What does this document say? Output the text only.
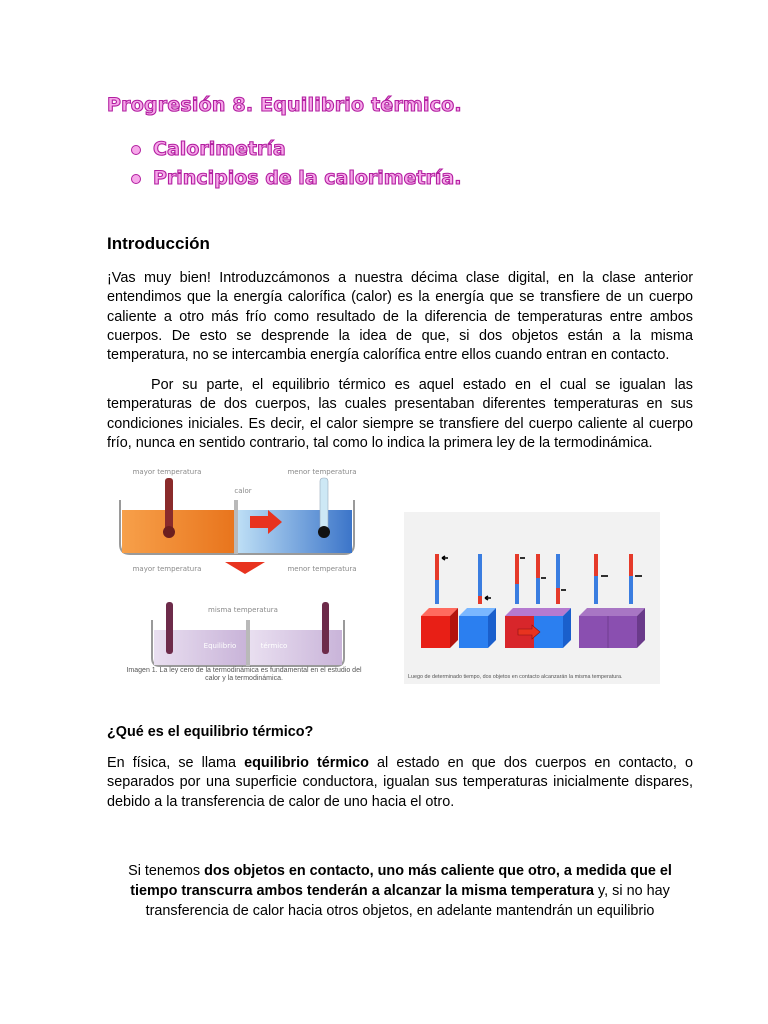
Progresión 8. Equilibrio térmico.
Calorimetría
Principios de la calorimetría.
Introducción
¡Vas muy bien! Introduzcámonos a nuestra décima clase digital, en la clase anterior entendimos que la energía calorífica (calor) es la energía que se transfiere de un cuerpo caliente a otro más frío como resultado de la diferencia de temperaturas entre ambos cuerpos. De esto se desprende la idea de que, si dos objetos están a la misma temperatura, no se intercambia energía calorífica entre ellos cuando entran en contacto.
Por su parte, el equilibrio térmico es aquel estado en el cual se igualan las temperaturas de dos cuerpos, las cuales presentaban diferentes temperaturas en sus condiciones iniciales. Es decir, el calor siempre se transfiere del cuerpo caliente al cuerpo frío, nunca en sentido contrario, tal como lo indica la primera ley de la termodinámica.
mayor temperatura	menor temperatura
calor
mayor temperatura	menor temperatura
misma temperatura
Equilibrio	térmico
Imagen 1. La ley cero de la termodinámica es fundamental en el estudio del calor y la termodinámica.	Luego de determinado tiempo, dos objetos en contacto alcanzarán la misma temperatura.
¿Qué es el equilibrio térmico?
En física, se llama equilibrio térmico al estado en que dos cuerpos en contacto, o separados por una superficie conductora, igualan sus temperaturas inicialmente dispares, debido a la transferencia de calor de uno hacia el otro.
Si tenemos dos objetos en contacto, uno más caliente que otro, a medida que el tiempo transcurra ambos tenderán a alcanzar la misma temperatura y, si no hay transferencia de calor hacia otros objetos, en adelante mantendrán un equilibrio
